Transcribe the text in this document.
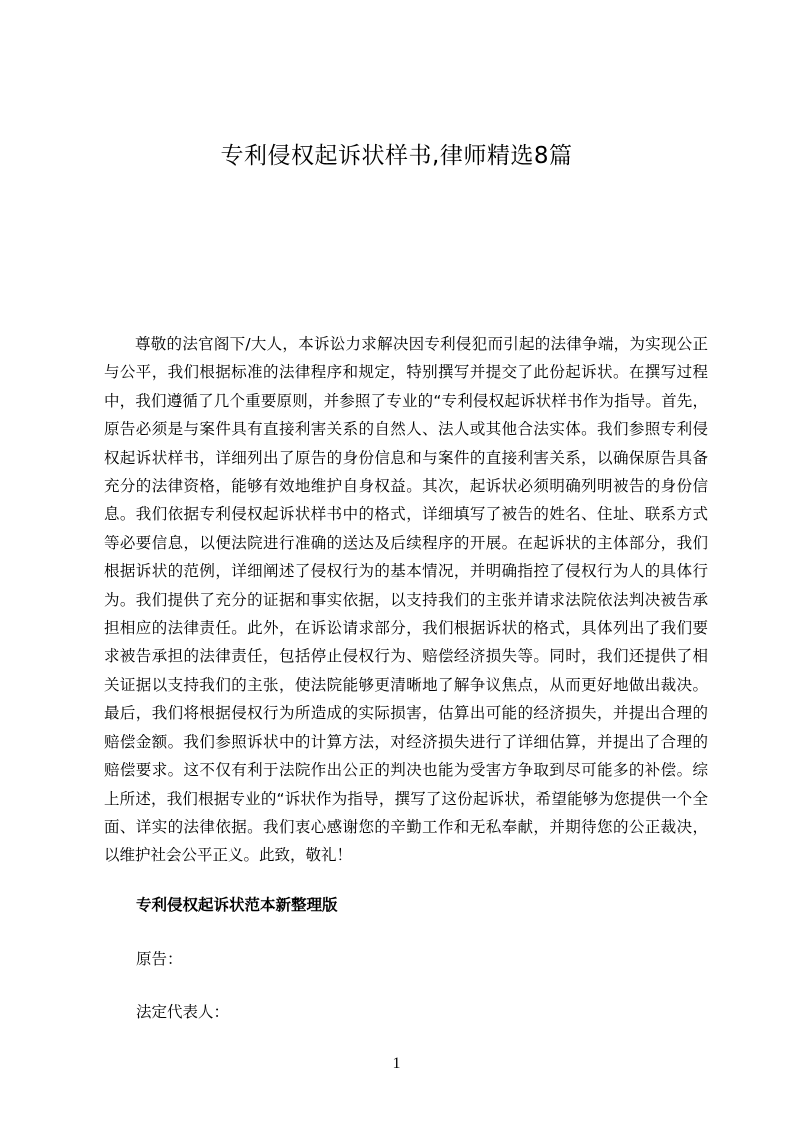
专利侵权起诉状样书,律师精选8篇

尊敬的法官阁下/大人，本诉讼力求解决因专利侵犯而引起的法律争端，为实现公正与公平，我们根据标准的法律程序和规定，特别撰写并提交了此份起诉状。在撰写过程中，我们遵循了几个重要原则，并参照了专业的“专利侵权起诉状样书作为指导。首先，原告必须是与案件具有直接利害关系的自然人、法人或其他合法实体。我们参照专利侵权起诉状样书，详细列出了原告的身份信息和与案件的直接利害关系，以确保原告具备充分的法律资格，能够有效地维护自身权益。其次，起诉状必须明确列明被告的身份信息。我们依据专利侵权起诉状样书中的格式，详细填写了被告的姓名、住址、联系方式等必要信息，以便法院进行准确的送达及后续程序的开展。在起诉状的主体部分，我们根据诉状的范例，详细阐述了侵权行为的基本情况，并明确指控了侵权行为人的具体行为。我们提供了充分的证据和事实依据，以支持我们的主张并请求法院依法判决被告承担相应的法律责任。此外，在诉讼请求部分，我们根据诉状的格式，具体列出了我们要求被告承担的法律责任，包括停止侵权行为、赔偿经济损失等。同时，我们还提供了相关证据以支持我们的主张，使法院能够更清晰地了解争议焦点，从而更好地做出裁决。最后，我们将根据侵权行为所造成的实际损害，估算出可能的经济损失，并提出合理的赔偿金额。我们参照诉状中的计算方法，对经济损失进行了详细估算，并提出了合理的赔偿要求。这不仅有利于法院作出公正的判决也能为受害方争取到尽可能多的补偿。综上所述，我们根据专业的“诉状作为指导，撰写了这份起诉状，希望能够为您提供一个全面、详实的法律依据。我们衷心感谢您的辛勤工作和无私奉献，并期待您的公正裁决，以维护社会公平正义。此致，敬礼！

专利侵权起诉状范本新整理版

原告：

法定代表人：

1
